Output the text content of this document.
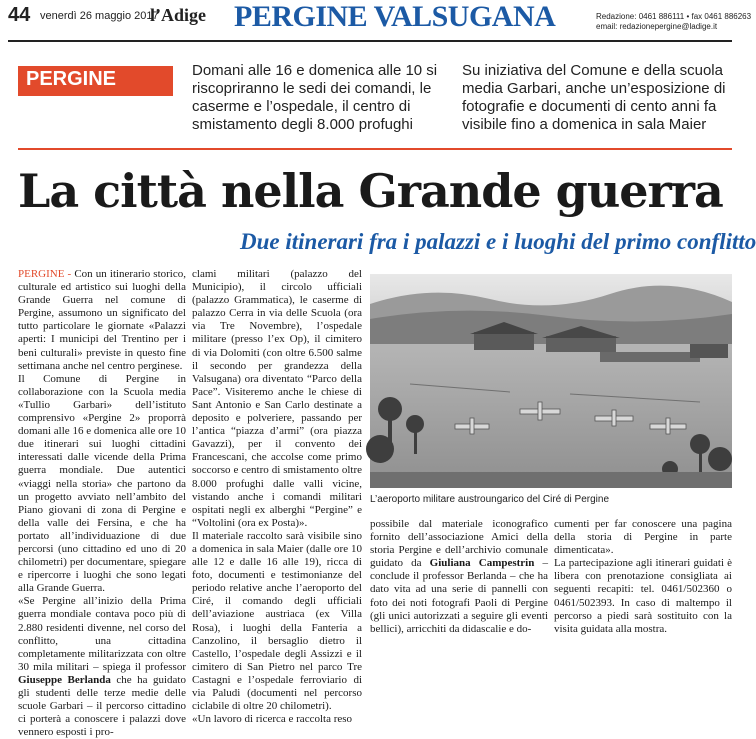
44 venerdì 26 maggio 2017
l’Adige PERGINE VALSUGANA	Redazione: 0461 886111 • fax 0461 886263
email: redazionepergine@ladige.it
PERGINE	Domani alle 16 e domenica alle 10 si riscopriranno le sedi dei comandi, le caserme e l’ospedale, il centro di smistamento degli 8.000 profughi
Su iniziativa del Comune e della scuola media Garbari, anche un’esposizione di fotografie e documenti di cento anni fa visibile fino a domenica in sala Maier
La città nella Grande guerra
Due itinerari fra i palazzi e i luoghi del primo conflitto

PERGINE - Con un itinerario storico, culturale ed artistico sui luoghi della Grande Guerra nel comune di Pergine, assumono un significato del tutto particolare le giornate «Palazzi aperti: I municipi del Trentino per i beni culturali» previste in questo fine settimana anche nel centro perginese.

Il Comune di Pergine in collaborazione con la Scuola media «Tullio Garbari» dell’istituto comprensivo «Pergine 2» proporrà domani alle 16 e domenica alle ore 10 due itinerari sui luoghi cittadini interessati dalle vicende della Prima guerra mondiale. Due autentici «viaggi nella storia» che partono da un progetto avviato nell’ambito del Piano giovani di zona di Pergine e della valle dei Fersina, e che ha portato all’individuazione di due percorsi (uno cittadino ed uno di 20 chilometri) per documentare, spiegare e ripercorre i luoghi che sono legati alla Grande Guerra.

«Se Pergine all’inizio della Prima guerra mondiale contava poco più di 2.880 residenti divenne, nel corso del conflitto, una cittadina completamente militarizzata con oltre 30 mila militari – spiega il professor Giuseppe Berlanda che ha guidato gli studenti delle terze medie delle scuole Garbari – il percorso cittadino ci porterà a conoscere i palazzi dove vennero esposti i pro-

clami militari (palazzo del Municipio), il circolo ufficiali (palazzo Grammatica), le caserme di palazzo Cerra in via delle Scuola (ora via Tre Novembre), l’ospedale militare (presso l’ex Op), il cimitero di via Dolomiti (con oltre 6.500 salme il secondo per grandezza della Valsugana) ora diventato “Parco della Pace”. Visiteremo anche le chiese di Sant Antonio e San Carlo destinate a deposito e polveriere, passando per l’antica “piazza d’armi” (ora piazza Gavazzi), per il convento dei Francescani, che accolse come primo soccorso e centro di smistamento oltre 8.000 profughi dalle valli vicine, vistando anche i comandi militari ospitati negli ex alberghi “Pergine” e “Voltolini (ora ex Posta)».

Il materiale raccolto sarà visibile sino a domenica in sala Maier (dalle ore 10 alle 12 e dalle 16 alle 19), ricca di foto, documenti e testimonianze del periodo relative anche l’aeroporto del Ciré, il comando degli ufficiali dell’aviazione austriaca (ex Villa Rosa), i luoghi della Fanteria a Canzolino, il bersaglio dietro il Castello, l’ospedale degli Assizzi e il cimitero di San Pietro nel parco Tre Castagni e l’ospedale ferroviario di via Paludi (documenti nel percorso ciclabile di oltre 20 chilometri).

«Un lavoro di ricerca e raccolta reso

L’aeroporto militare austroungarico del Ciré di Pergine

possibile dal materiale iconografico fornito dell’associazione Amici della storia Pergine e dell’archivio comunale guidato da Giuliana Campestrin – conclude il professor Berlanda – che ha dato vita ad una serie di pannelli con foto dei noti fotografi Paoli di Pergine (gli unici autorizzati a seguire gli eventi bellici), arricchiti da didascalie e do-

cumenti per far conoscere una pagina della storia di Pergine in parte dimenticata».

La partecipazione agli itinerari guidati è libera con prenotazione consigliata ai seguenti recapiti: tel. 0461/502360 o 0461/502393. In caso di maltempo il percorso a piedi sarà sostituito con la visita guidata alla mostra.
